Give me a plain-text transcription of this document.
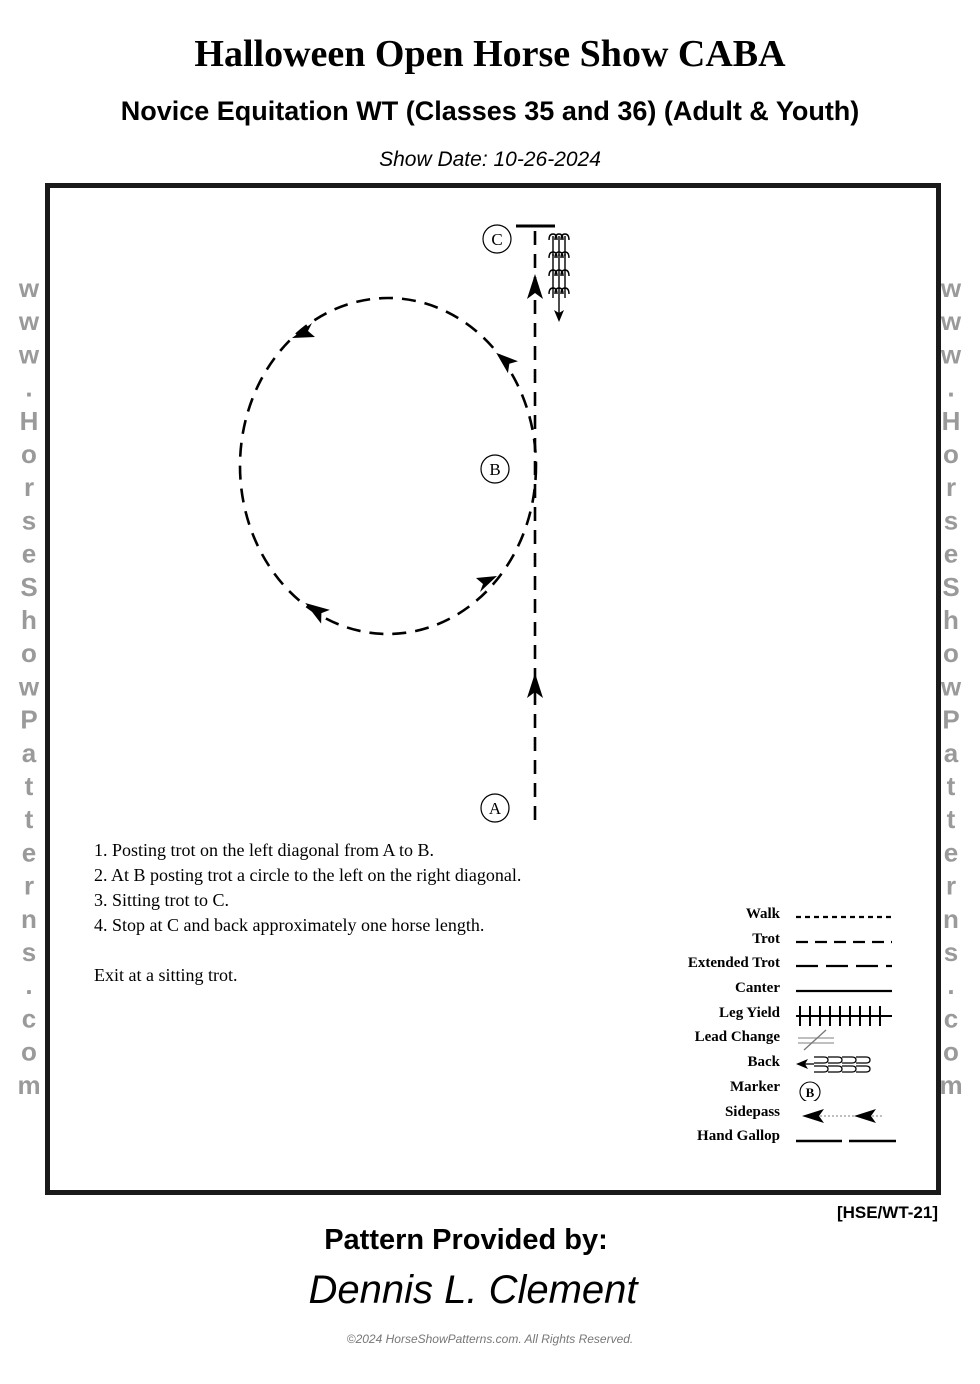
Halloween Open Horse Show CABA
Novice Equitation WT (Classes 35 and 36) (Adult & Youth)
Show Date: 10-26-2024
www.HorseShowPatterns.com	www.HorseShowPatterns.com
C
B
A
1. Posting trot on the left diagonal from A to B.
2. At B posting trot a circle to the left on the right diagonal.
3. Sitting trot to C.
4. Stop at C and back approximately one horse length.
Exit at a sitting trot.
Walk
Trot
Extended Trot
Canter
Leg Yield
Lead Change
Back
Marker B
Sidepass
Hand Gallop
[HSE/WT-21]
Pattern Provided by:
Dennis L. Clement
©2024 HorseShowPatterns.com. All Rights Reserved.
